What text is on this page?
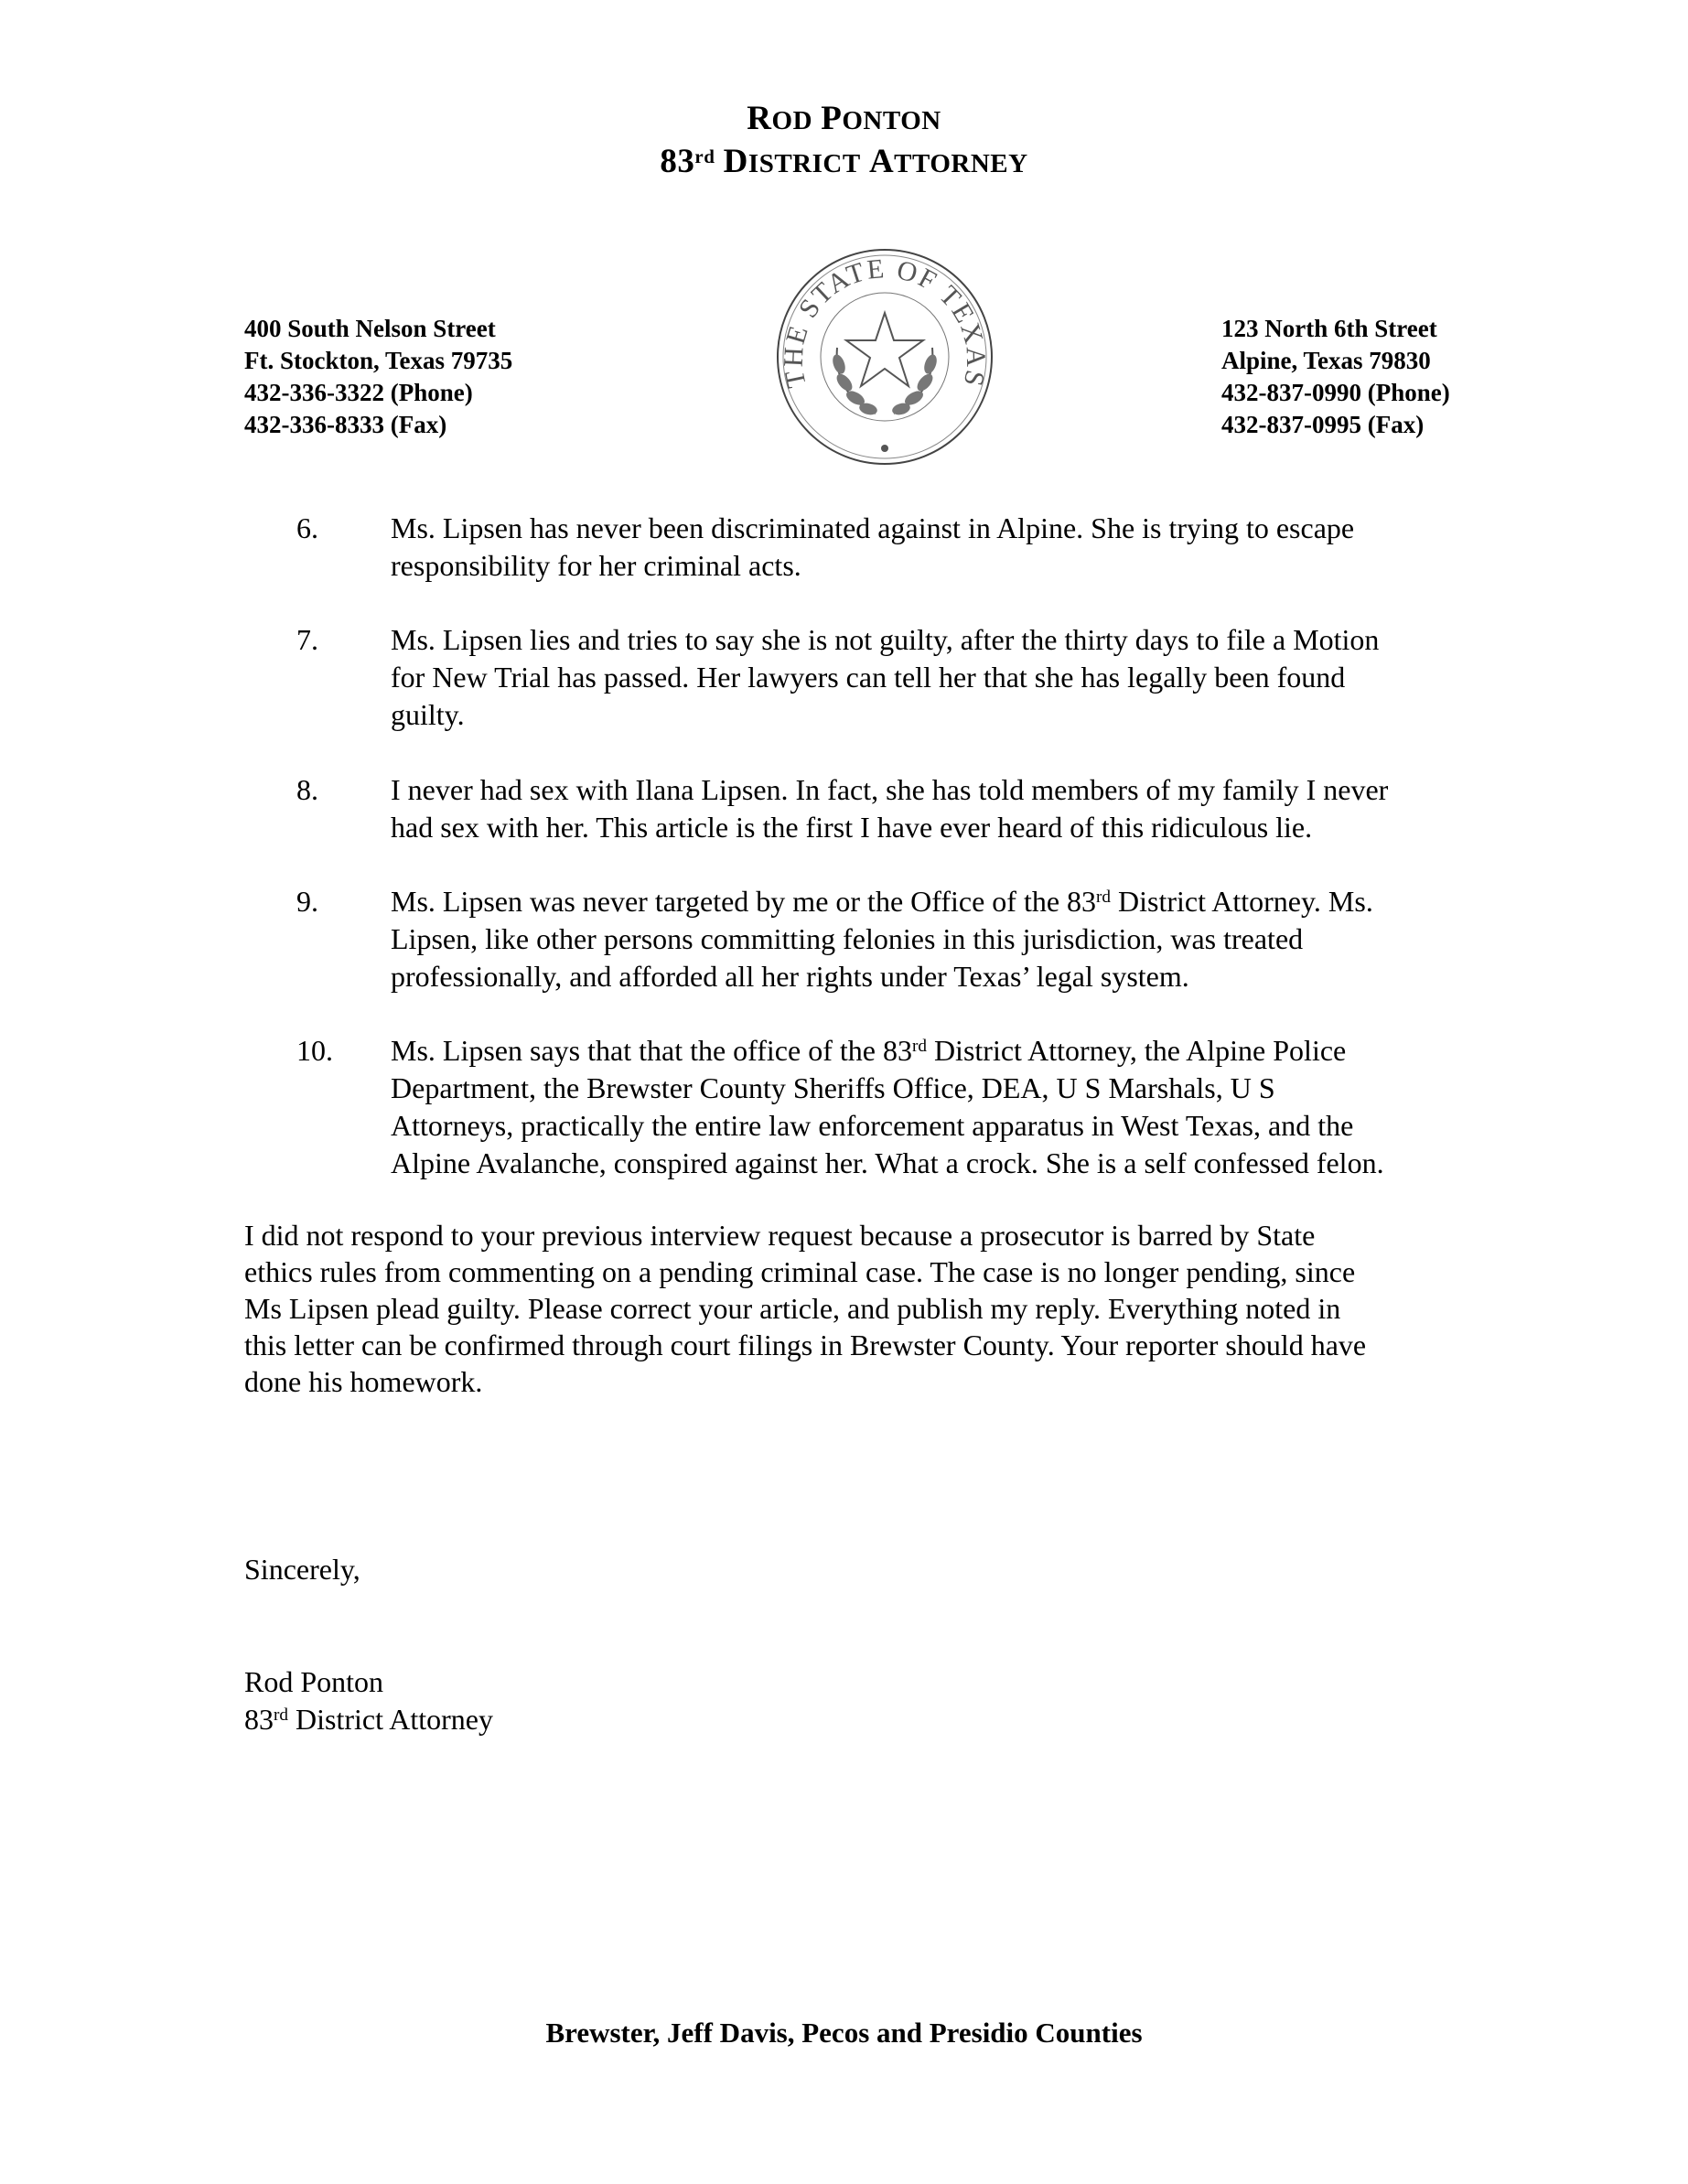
ROD PONTON
83rd DISTRICT ATTORNEY
400 South Nelson Street
Ft. Stockton, Texas 79735
432-336-3322 (Phone)
432-336-8333 (Fax)
123 North 6th Street
Alpine, Texas 79830
432-837-0990 (Phone)
432-837-0995 (Fax)
THE STATE OF TEXAS
6. Ms. Lipsen has never been discriminated against in Alpine. She is trying to escape
responsibility for her criminal acts.
7. Ms. Lipsen lies and tries to say she is not guilty, after the thirty days to file a Motion
for New Trial has passed. Her lawyers can tell her that she has legally been found
guilty.
8. I never had sex with Ilana Lipsen. In fact, she has told members of my family I never
had sex with her. This article is the first I have ever heard of this ridiculous lie.
9. Ms. Lipsen was never targeted by me or the Office of the 83rd District Attorney. Ms.
Lipsen, like other persons committing felonies in this jurisdiction, was treated
professionally, and afforded all her rights under Texas’ legal system.
10. Ms. Lipsen says that that the office of the 83rd District Attorney, the Alpine Police
Department, the Brewster County Sheriffs Office, DEA, U S Marshals, U S
Attorneys, practically the entire law enforcement apparatus in West Texas, and the
Alpine Avalanche, conspired against her. What a crock. She is a self confessed felon.
I did not respond to your previous interview request because a prosecutor is barred by State
ethics rules from commenting on a pending criminal case. The case is no longer pending, since
Ms Lipsen plead guilty. Please correct your article, and publish my reply. Everything noted in
this letter can be confirmed through court filings in Brewster County. Your reporter should have
done his homework.
Sincerely,
Rod Ponton
83rd District Attorney
Brewster, Jeff Davis, Pecos and Presidio Counties
